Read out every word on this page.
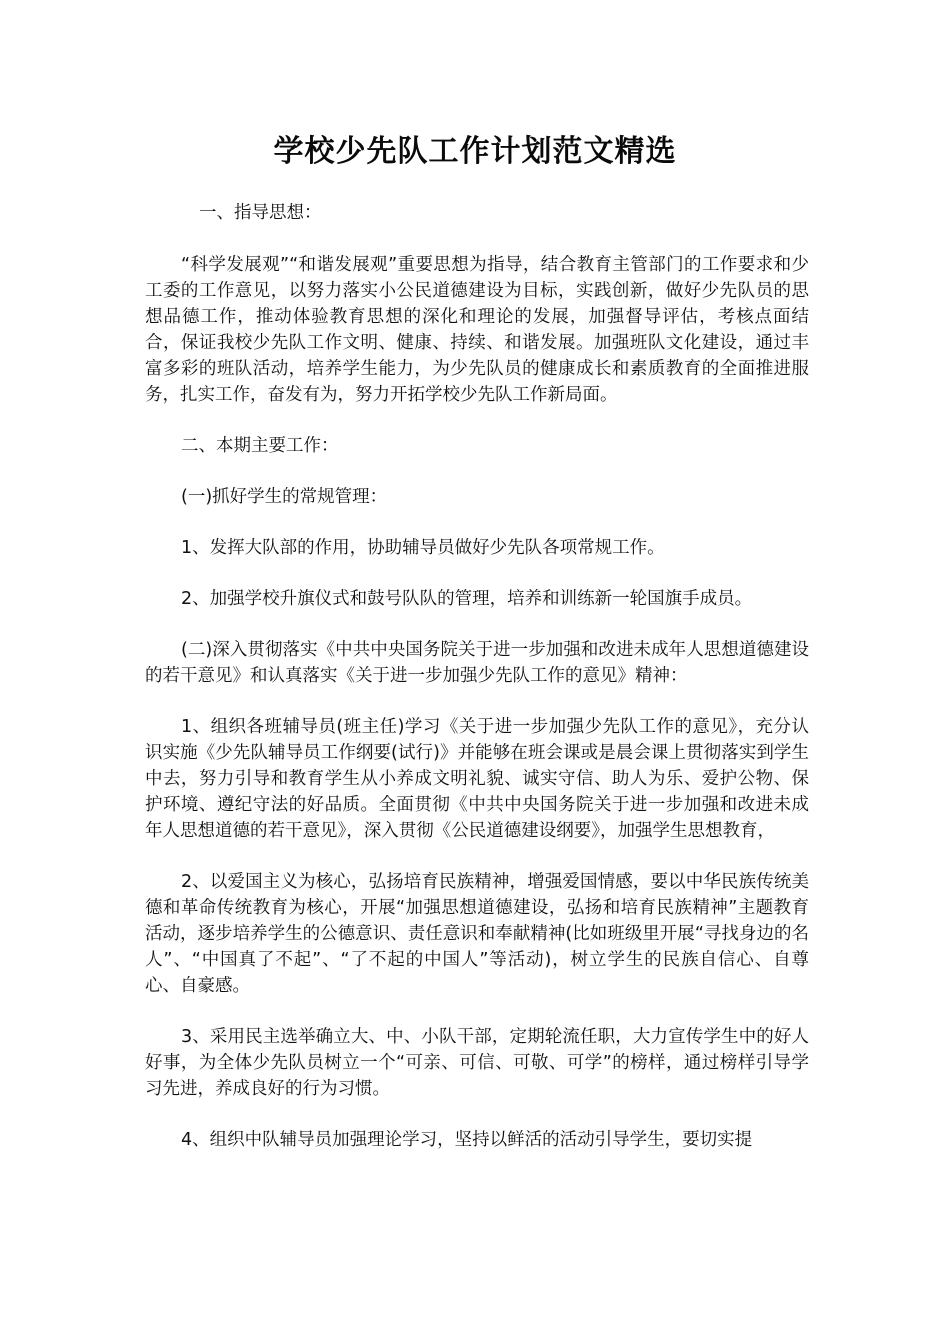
学校少先队工作计划范文精选

一、指导思想：

“科学发展观”“和谐发展观”重要思想为指导，结合教育主管部门的工作要求和少工委的工作意见，以努力落实小公民道德建设为目标，实践创新，做好少先队员的思想品德工作，推动体验教育思想的深化和理论的发展，加强督导评估，考核点面结合，保证我校少先队工作文明、健康、持续、和谐发展。加强班队文化建设，通过丰富多彩的班队活动，培养学生能力，为少先队员的健康成长和素质教育的全面推进服务，扎实工作，奋发有为，努力开拓学校少先队工作新局面。

二、本期主要工作：

(一)抓好学生的常规管理：

1、发挥大队部的作用，协助辅导员做好少先队各项常规工作。

2、加强学校升旗仪式和鼓号队队的管理，培养和训练新一轮国旗手成员。

(二)深入贯彻落实《中共中央国务院关于进一步加强和改进未成年人思想道德建设的若干意见》和认真落实《关于进一步加强少先队工作的意见》精神：

1、组织各班辅导员(班主任)学习《关于进一步加强少先队工作的意见》，充分认识实施《少先队辅导员工作纲要(试行)》并能够在班会课或是晨会课上贯彻落实到学生中去，努力引导和教育学生从小养成文明礼貌、诚实守信、助人为乐、爱护公物、保护环境、遵纪守法的好品质。全面贯彻《中共中央国务院关于进一步加强和改进未成年人思想道德的若干意见》，深入贯彻《公民道德建设纲要》，加强学生思想教育，

2、以爱国主义为核心，弘扬培育民族精神，增强爱国情感，要以中华民族传统美德和革命传统教育为核心，开展“加强思想道德建设，弘扬和培育民族精神”主题教育活动，逐步培养学生的公德意识、责任意识和奉献精神(比如班级里开展“寻找身边的名人”、“中国真了不起”、“了不起的中国人”等活动)，树立学生的民族自信心、自尊心、自豪感。

3、采用民主选举确立大、中、小队干部，定期轮流任职，大力宣传学生中的好人好事，为全体少先队员树立一个“可亲、可信、可敬、可学”的榜样，通过榜样引导学习先进，养成良好的行为习惯。

4、组织中队辅导员加强理论学习，坚持以鲜活的活动引导学生，要切实提
